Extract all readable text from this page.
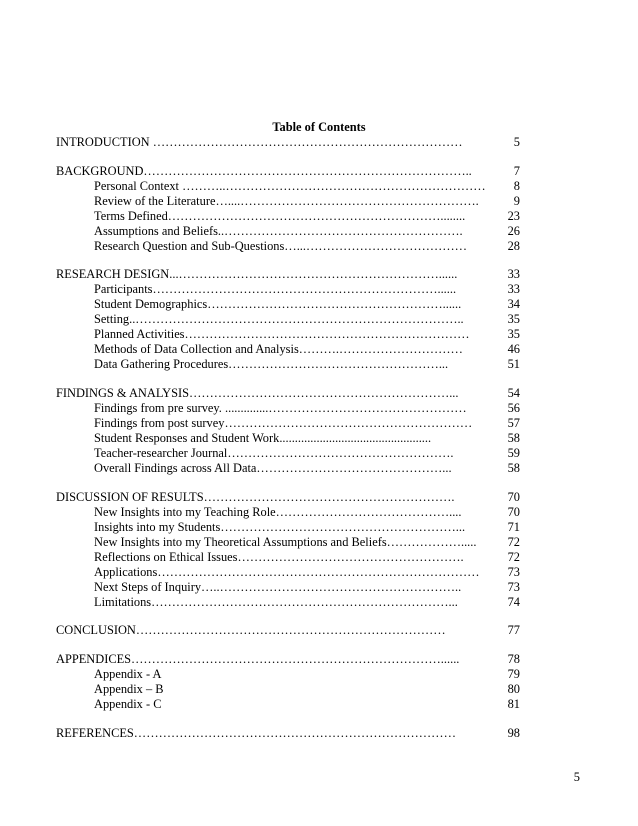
Table of Contents
INTRODUCTION …………………………………………………………………	5
BACKGROUND……………………………………………………………………..	7
Personal Context ………..……………………………………………………… 8
Review of the Literature…....………………………………………………….	9
Terms Defined…………………………………………………………........	23
Assumptions and Beliefs..………………………………………………….	26
Research Question and Sub-Questions…...…………………………………	28
RESEARCH DESIGN...………………………………………………………......	33
Participants……………………………………………………………......	33
Student Demographics…………………………………………………......	34
Setting..……………………………………………………………………..	35
Planned Activities……………………………………………………………	35
Methods of Data Collection and Analysis……….…………………………	46
Data Gathering Procedures……………………………………………...	51
FINDINGS & ANALYSIS………………………………………………………...	54
Findings from pre survey. ..............…………………………………………	56
Findings from post survey……………………………………………………	57
Student Responses and Student Work.................................................	58
Teacher-researcher Journal……………………………………………….	59
Overall Findings across All Data………………………………………...	58
DISCUSSION OF RESULTS…………………………………………………….	70
New Insights into my Teaching Role……………………………………....	70
Insights into my Students…………………………………………………...	71
New Insights into my Theoretical Assumptions and Beliefs……………….....	72
Reflections on Ethical Issues……………………………………………….	72
Applications…………………………………………………………………… 73
Next Steps of Inquiry…..…………………………………………………..	73
Limitations………………………………………………………………...	74
CONCLUSION…………………………………………………………………	77
APPENDICES…………………………………………………………………......	78
Appendix - A	79
Appendix – B	80
Appendix - C	81
REFERENCES……………………………………………………………………	98
5
